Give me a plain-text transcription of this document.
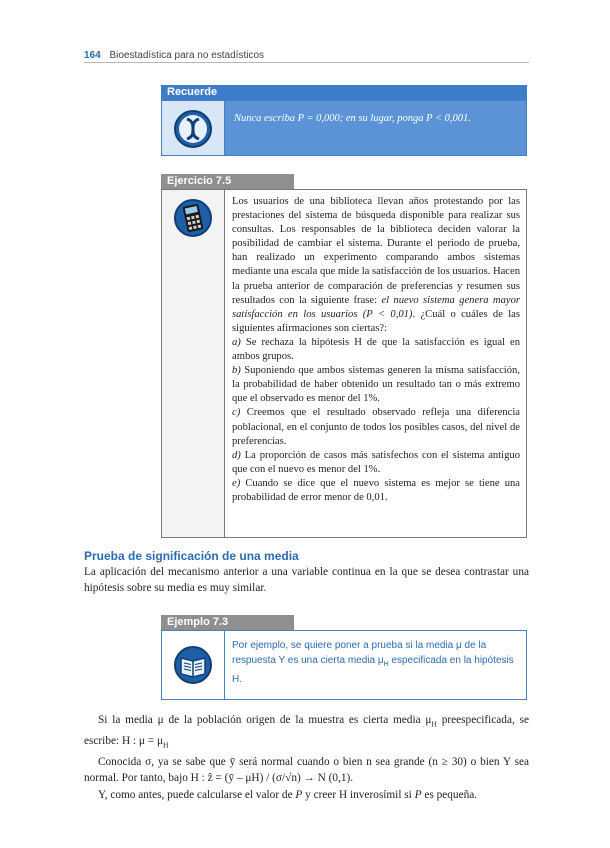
164 Bioestadística para no estadísticos
Recuerde
Nunca escriba P = 0,000; en su lugar, ponga P < 0,001.
Ejercicio 7.5

Los usuarios de una biblioteca llevan años protestando por las prestaciones del sistema de búsqueda disponible para realizar sus consultas. Los responsables de la biblioteca deciden valorar la posibilidad de cambiar el sistema. Durante el periodo de prueba, han realizado un experimento comparando ambos sistemas mediante una escala que mide la satisfacción de los usuarios. Hacen la prueba anterior de comparación de preferencias y resumen sus resultados con la siguiente frase: el nuevo sistema genera mayor satisfacción en los usuarios (P < 0,01). ¿Cuál o cuáles de las siguientes afirmaciones son ciertas?:

a) Se rechaza la hipótesis H de que la satisfacción es igual en ambos grupos.

b) Suponiendo que ambos sistemas generen la misma satisfacción, la probabilidad de haber obtenido un resultado tan o más extremo que el observado es menor del 1%.

c) Creemos que el resultado observado refleja una diferencia poblacional, en el conjunto de todos los posibles casos, del nivel de preferencias.

d) La proporción de casos más satisfechos con el sistema antiguo que con el nuevo es menor del 1%.

e) Cuando se dice que el nuevo sistema es mejor se tiene una probabilidad de error menor de 0,01.

Prueba de significación de una media
La aplicación del mecanismo anterior a una variable continua en la que se desea contrastar una hipótesis sobre su media es muy similar.
Ejemplo 7.3
Por ejemplo, se quiere poner a prueba si la media μ de la respuesta Y es una cierta media $\mu_H$ especificada en la hipótesis H.

Si la media μ de la población origen de la muestra es cierta media $\mu_H$ preespecificada, se escribe: H : $\mu = \mu_H$

Conocida σ, ya se sabe que ȳ será normal cuando o bien n sea grande (n ≥ 30) o bien Y sea normal. Por tanto, bajo H : ẑ = (ȳ – μH) / (σ/√n) → N (0,1).

Y, como antes, puede calcularse el valor de P y creer H inverosímil si P es pequeña.
